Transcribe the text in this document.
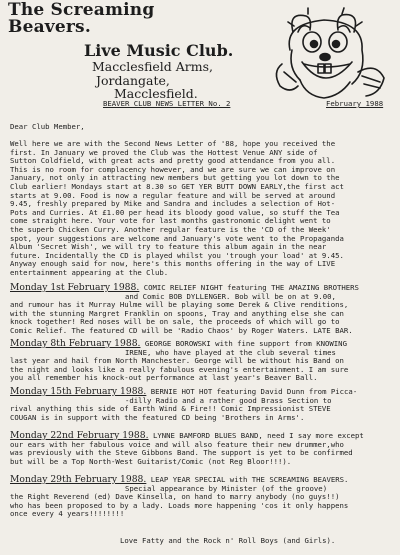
The Screaming
Beavers.
Live Music Club.
Macclesfield Arms,
Jordangate,
Macclesfield.
BEAVER CLUB NEWS LETTER No. 2	February 1988
Dear Club Member,
Well here we are with the Second News Letter of '88, hope you received the
first. In January we proved the Club was the Hottest Venue ANY side of
Sutton Coldfield, with great acts and pretty good attendance from you all.
This is no room for complacency however, and we are sure we can improve on
January, not only in attracting new members but getting you lot down to the
Club earlier! Mondays start at 8.30 so GET YER BUTT DOWN EARLY,the first act
starts at 9.00. Food is now a regular feature and will be served at around
9.45, freshly prepared by Mike and Sandra and includes a selection of Hot-
Pots and Curries. At £1.00 per head its bloody good value, so stuff the Tea
come straight here. Your vote for last months gastronomic delight went to
the superb Chicken Curry. Another regular feature is the 'CD of the Week'
spot, your suggestions are welcome and January's vote went to the Propaganda
Album 'Secret Wish', we will try to feature this album again in the near
future. Incidentally the CD is played whilst you 'trough your load' at 9.45.
Anyway enough said for now, here's this months offering in the way of LIVE
entertainment appearing at the Club.
Monday 1st February 1988. COMIC RELIEF NIGHT featuring THE AMAZING BROTHERS
and Comic BOB DYLLENGER. Bob will be on at 9.00,
and rumour has it Murray Hulme will be playing some Derek & Clive renditions,
with the stunning Margret Franklin on spoons, Tray and anything else she can
knock together! Red noses will be on sale, the proceeds of which will go to
Comic Relief. The featured CD will be 'Radio Chaos' by Roger Waters. LATE BAR.
Monday 8th February 1988. GEORGE BOROWSKI with fine support from KNOWING
IRENE, who have played at the club several times
last year and hail from North Manchester. George will be without his Band on
the night and looks like a really fabulous evening's entertainment. I am sure
you all remember his knock-out performance at last year's Beaver Ball.
Monday 15th February 1988. BERNIE HOT HOT featuring David Dunn from Picca-
-dilly Radio and a rather good Brass Section to
rival anything this side of Earth Wind & Fire!! Comic Impressionist STEVE
COUGAN is in support with the featured CD being 'Brothers in Arms'.
Monday 22nd February 1988. LYNNE BAMFORD BLUES BAND, need I say more except
our ears with her fabulous voice and will also feature their new drummer,who
was previously with the Steve Gibbons Band. The support is yet to be confirmed
but will be a Top North-West Guitarist/Comic (not Reg Bloor!!!).
Monday 29th February 1988. LEAP YEAR SPECIAL with THE SCREAMING BEAVERS.
Special appearance by Minister (of the groove)
the Right Reverend (ed) Dave Kinsella, on hand to marry anybody (no guys!!)
who has been proposed to by a lady. Loads more happening 'cos it only happens
once every 4 years!!!!!!!!
Love Fatty and the Rock n' Roll Boys (and Girls).
